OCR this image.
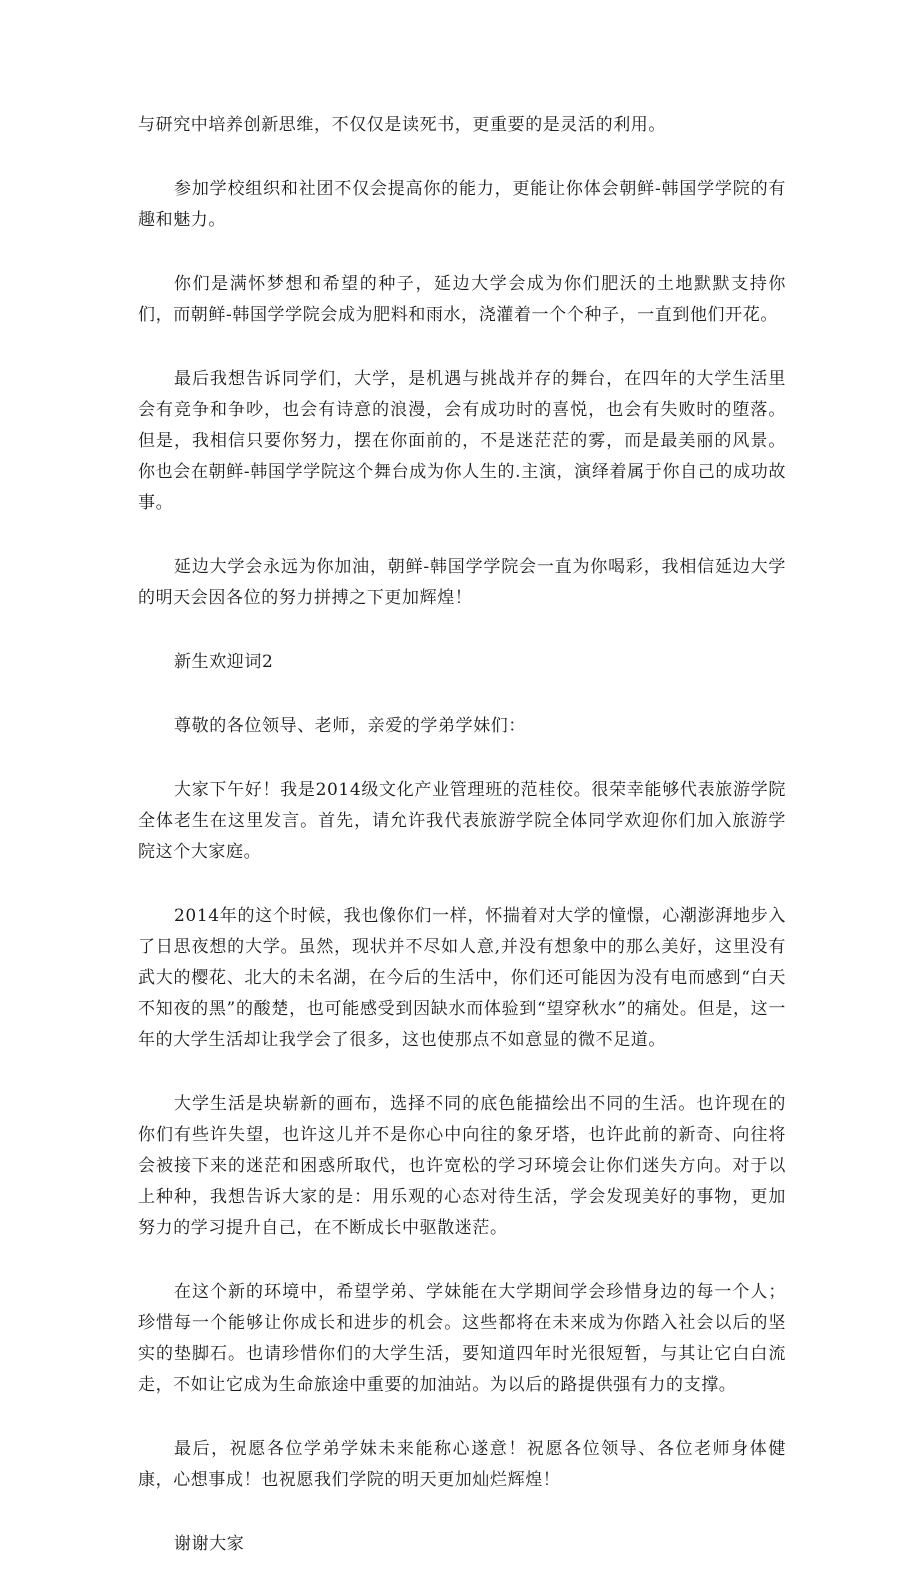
与研究中培养创新思维，不仅仅是读死书，更重要的是灵活的利用。

参加学校组织和社团不仅会提高你的能力，更能让你体会朝鲜-韩国学学院的有趣和魅力。

你们是满怀梦想和希望的种子，延边大学会成为你们肥沃的土地默默支持你们，而朝鲜-韩国学学院会成为肥料和雨水，浇灌着一个个种子，一直到他们开花。

最后我想告诉同学们，大学，是机遇与挑战并存的舞台，在四年的大学生活里会有竞争和争吵，也会有诗意的浪漫，会有成功时的喜悦，也会有失败时的堕落。但是，我相信只要你努力，摆在你面前的，不是迷茫茫的雾，而是最美丽的风景。你也会在朝鲜-韩国学学院这个舞台成为你人生的.主演，演绎着属于你自己的成功故事。

延边大学会永远为你加油，朝鲜-韩国学学院会一直为你喝彩，我相信延边大学的明天会因各位的努力拼搏之下更加辉煌！

新生欢迎词2

尊敬的各位领导、老师，亲爱的学弟学妹们：

大家下午好！我是2014级文化产业管理班的范桂佼。很荣幸能够代表旅游学院全体老生在这里发言。首先，请允许我代表旅游学院全体同学欢迎你们加入旅游学院这个大家庭。

2014年的这个时候，我也像你们一样，怀揣着对大学的憧憬，心潮澎湃地步入了日思夜想的大学。虽然，现状并不尽如人意,并没有想象中的那么美好，这里没有武大的樱花、北大的未名湖，在今后的生活中，你们还可能因为没有电而感到“白天不知夜的黑”的酸楚，也可能感受到因缺水而体验到“望穿秋水”的痛处。但是，这一年的大学生活却让我学会了很多，这也使那点不如意显的微不足道。

大学生活是块崭新的画布，选择不同的底色能描绘出不同的生活。也许现在的你们有些许失望，也许这儿并不是你心中向往的象牙塔，也许此前的新奇、向往将会被接下来的迷茫和困惑所取代，也许宽松的学习环境会让你们迷失方向。对于以上种种，我想告诉大家的是：用乐观的心态对待生活，学会发现美好的事物，更加努力的学习提升自己，在不断成长中驱散迷茫。

在这个新的环境中，希望学弟、学妹能在大学期间学会珍惜身边的每一个人；珍惜每一个能够让你成长和进步的机会。这些都将在未来成为你踏入社会以后的坚实的垫脚石。也请珍惜你们的大学生活，要知道四年时光很短暂，与其让它白白流走，不如让它成为生命旅途中重要的加油站。为以后的路提供强有力的支撑。

最后，祝愿各位学弟学妹未来能称心遂意！祝愿各位领导、各位老师身体健康，心想事成！也祝愿我们学院的明天更加灿烂辉煌！

谢谢大家
